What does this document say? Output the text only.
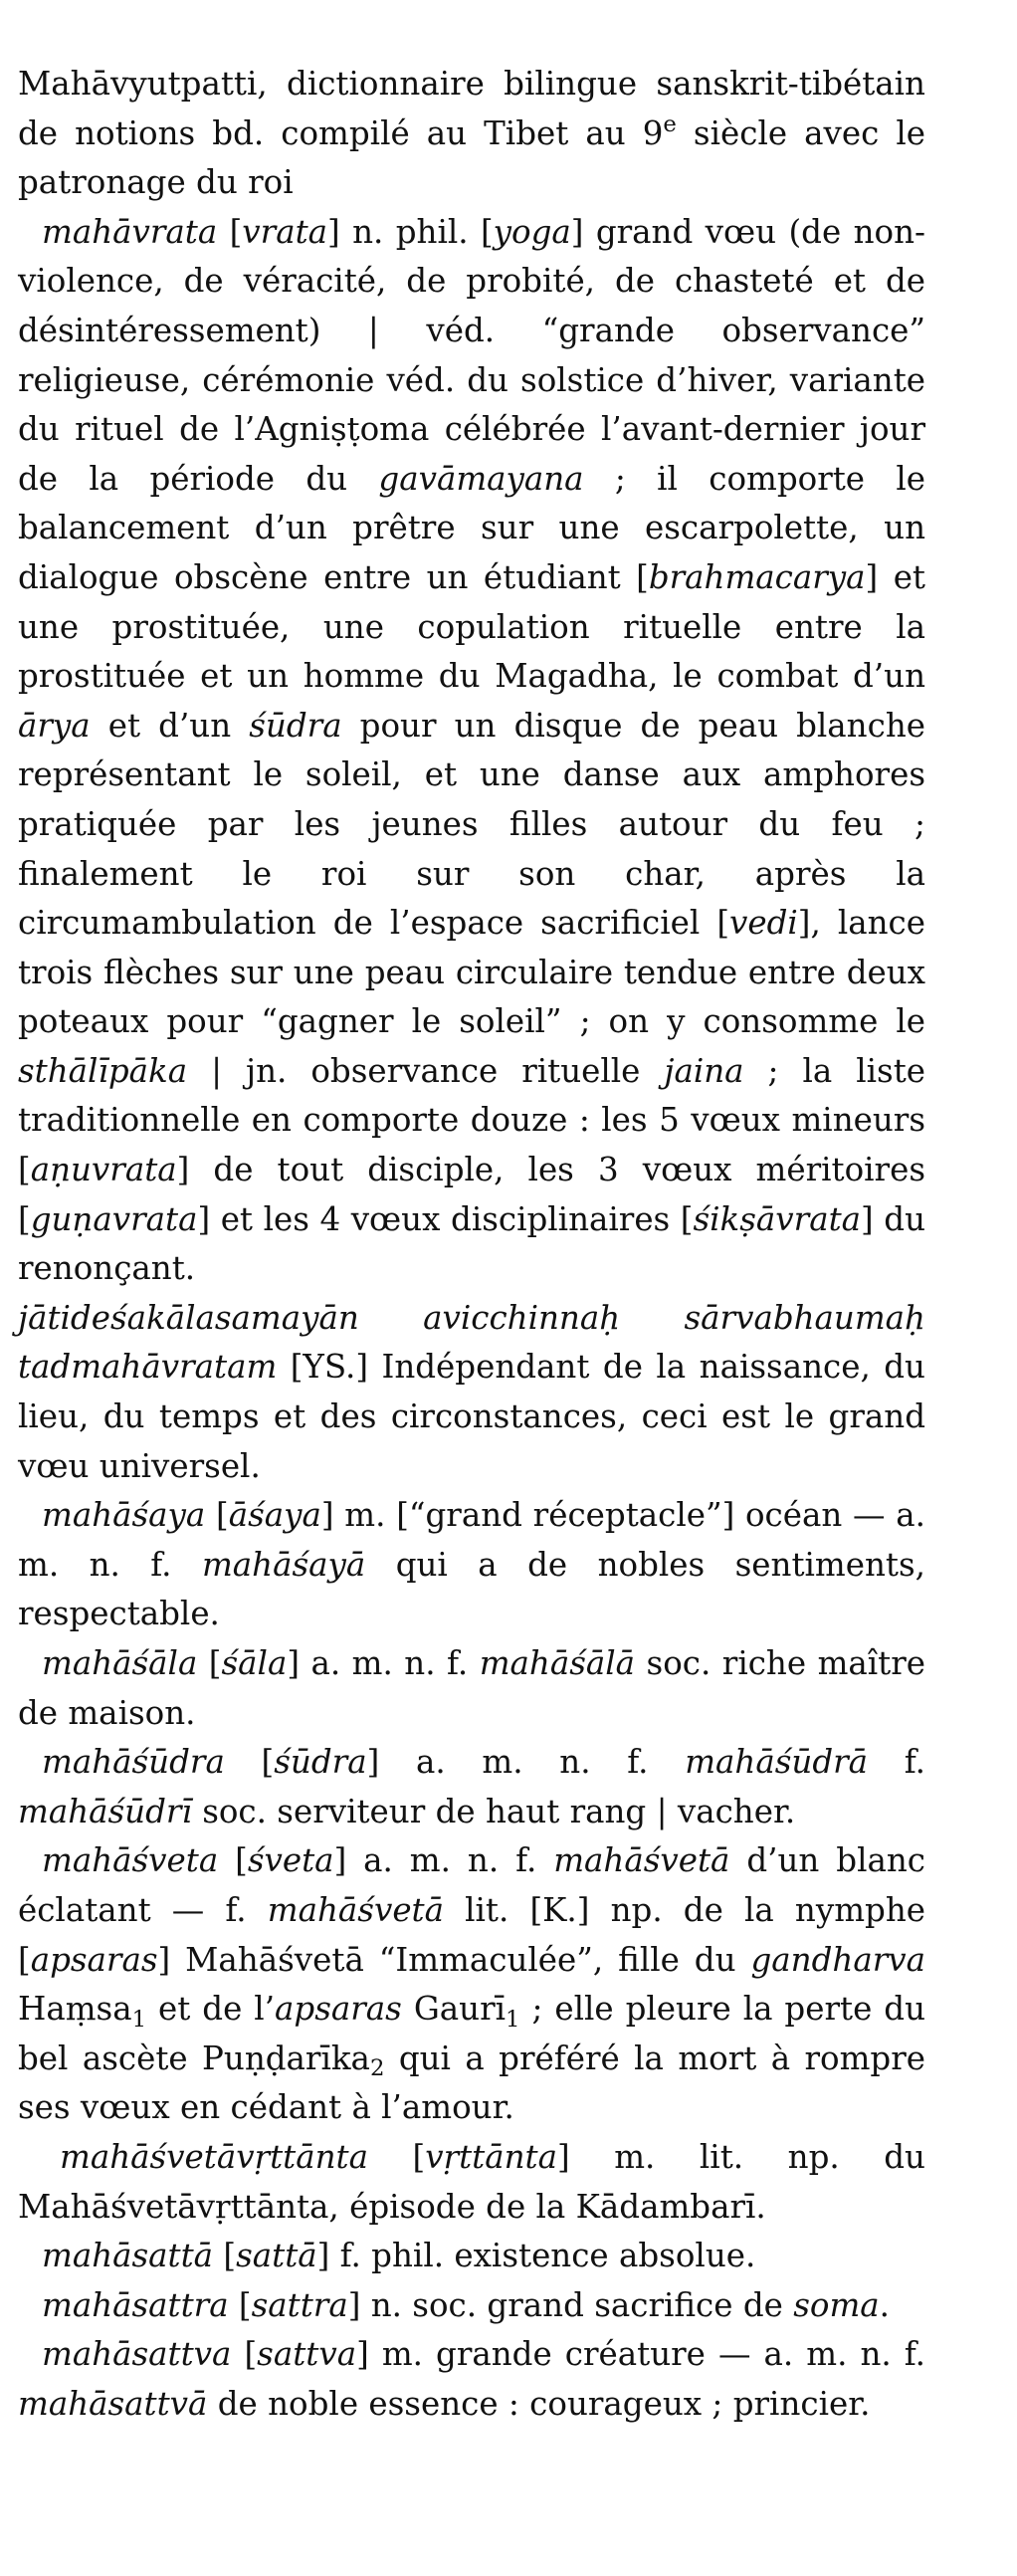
Mahāvyutpatti, dictionnaire bilingue sanskrit-tibétain de notions bd. compilé au Tibet au 9e siècle avec le patronage du roi

mahāvrata [vrata] n. phil. [yoga] grand vœu (de non-violence, de véracité, de probité, de chasteté et de désintéressement) | véd. “grande observance” religieuse, cérémonie véd. du solstice d’hiver, variante du rituel de l’Agniṣṭoma célébrée l’avant-dernier jour de la période du gavāmayana ; il comporte le balancement d’un prêtre sur une escarpolette, un dialogue obscène entre un étudiant [brahmacarya] et une prostituée, une copulation rituelle entre la prostituée et un homme du Magadha, le combat d’un ārya et d’un śūdra pour un disque de peau blanche représentant le soleil, et une danse aux amphores pratiquée par les jeunes filles autour du feu ; finalement le roi sur son char, après la circumambulation de l’espace sacrificiel [vedi], lance trois flèches sur une peau circulaire tendue entre deux poteaux pour “gagner le soleil” ; on y consomme le sthālīpāka | jn. observance rituelle jaina ; la liste traditionnelle en comporte douze : les 5 vœux mineurs [aṇuvrata] de tout disciple, les 3 vœux méritoires [guṇavrata] et les 4 vœux disciplinaires [śikṣāvrata] du renonçant.

jātideśakālasamayān avicchinnaḥ sārvabhaumaḥ tadmahāvratam [YS.] Indépendant de la naissance, du lieu, du temps et des circonstances, ceci est le grand vœu universel.

mahāśaya [āśaya] m. [“grand réceptacle”] océan — a. m. n. f. mahāśayā qui a de nobles sentiments, respectable.

mahāśāla [śāla] a. m. n. f. mahāśālā soc. riche maître de maison.

mahāśūdra [śūdra] a. m. n. f. mahāśūdrā f. mahāśūdrī soc. serviteur de haut rang | vacher.

mahāśveta [śveta] a. m. n. f. mahāśvetā d’un blanc éclatant — f. mahāśvetā lit. [K.] np. de la nymphe [apsaras] Mahāśvetā “Immaculée”, fille du gandharva Haṃsa$_1$ et de l’apsaras Gaurī$_1$ ; elle pleure la perte du bel ascète Puṇḍarīka$_2$ qui a préféré la mort à rompre ses vœux en cédant à l’amour.

mahāśvetāvṛttānta [vṛttānta] m. lit. np. du Mahāśvetāvṛttānta, épisode de la Kādambarī.

mahāsattā [sattā] f. phil. existence absolue.

mahāsattra [sattra] n. soc. grand sacrifice de soma.

mahāsattva [sattva] m. grande créature — a. m. n. f. mahāsattvā de noble essence : courageux ; princier.
